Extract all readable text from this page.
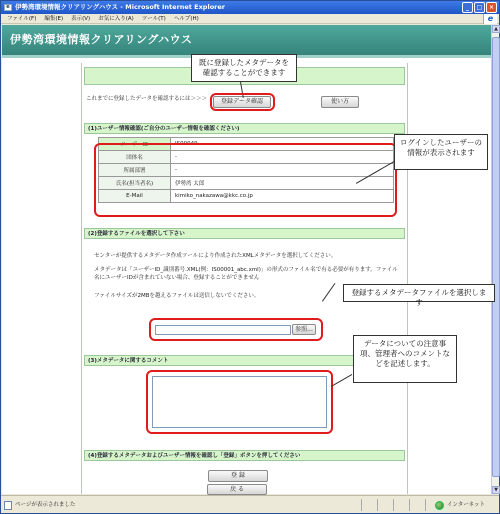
e 伊勢湾環境情報クリアリングハウス - Microsoft Internet Explorer	_	□	×
ファイル(F) 編集(E) 表示(V) お気に入り(A) ツール(T) ヘルプ(H)	e
伊勢湾環境情報クリアリングハウス
これまでに登録したデータを確認するには＞＞＞	登録データ確認	使い方
(1)ユーザー情報確認(ご自分のユーザー情報を確認ください)
ユーザーID	IS00049
団体名	-
所属部署	-
氏名(担当者名)	伊勢湾 太郎
E-Mail	kimiko_nakazawa@kkc.co.jp
(2)登録するファイルを選択して下さい
センターが提供するメタデータ作成ツールにより作成されたXMLメタデータを選択してください。
メタデータは「ユーザーID_識別番号.XML(例：IS00001_abc.xml)」の形式のファイル名で有る必要が有ります。ファイル名にユーザーIDが含まれていない場合、登録することができません
ファイルサイズが2MBを越えるファイルは送信しないでください。
参照...
(3)メタデータに関するコメント
(4)登録するメタデータおよびユーザー情報を確認し「登録」ボタンを押してください
登 録
戻 る
▲
▼
ページが表示されました	インターネット
既に登録したメタデータを確認することができます
ログインしたユーザーの情報が表示されます
登録するメタデータファイルを選択します
データについての注意事項、管理者へのコメントなどを記述します。
